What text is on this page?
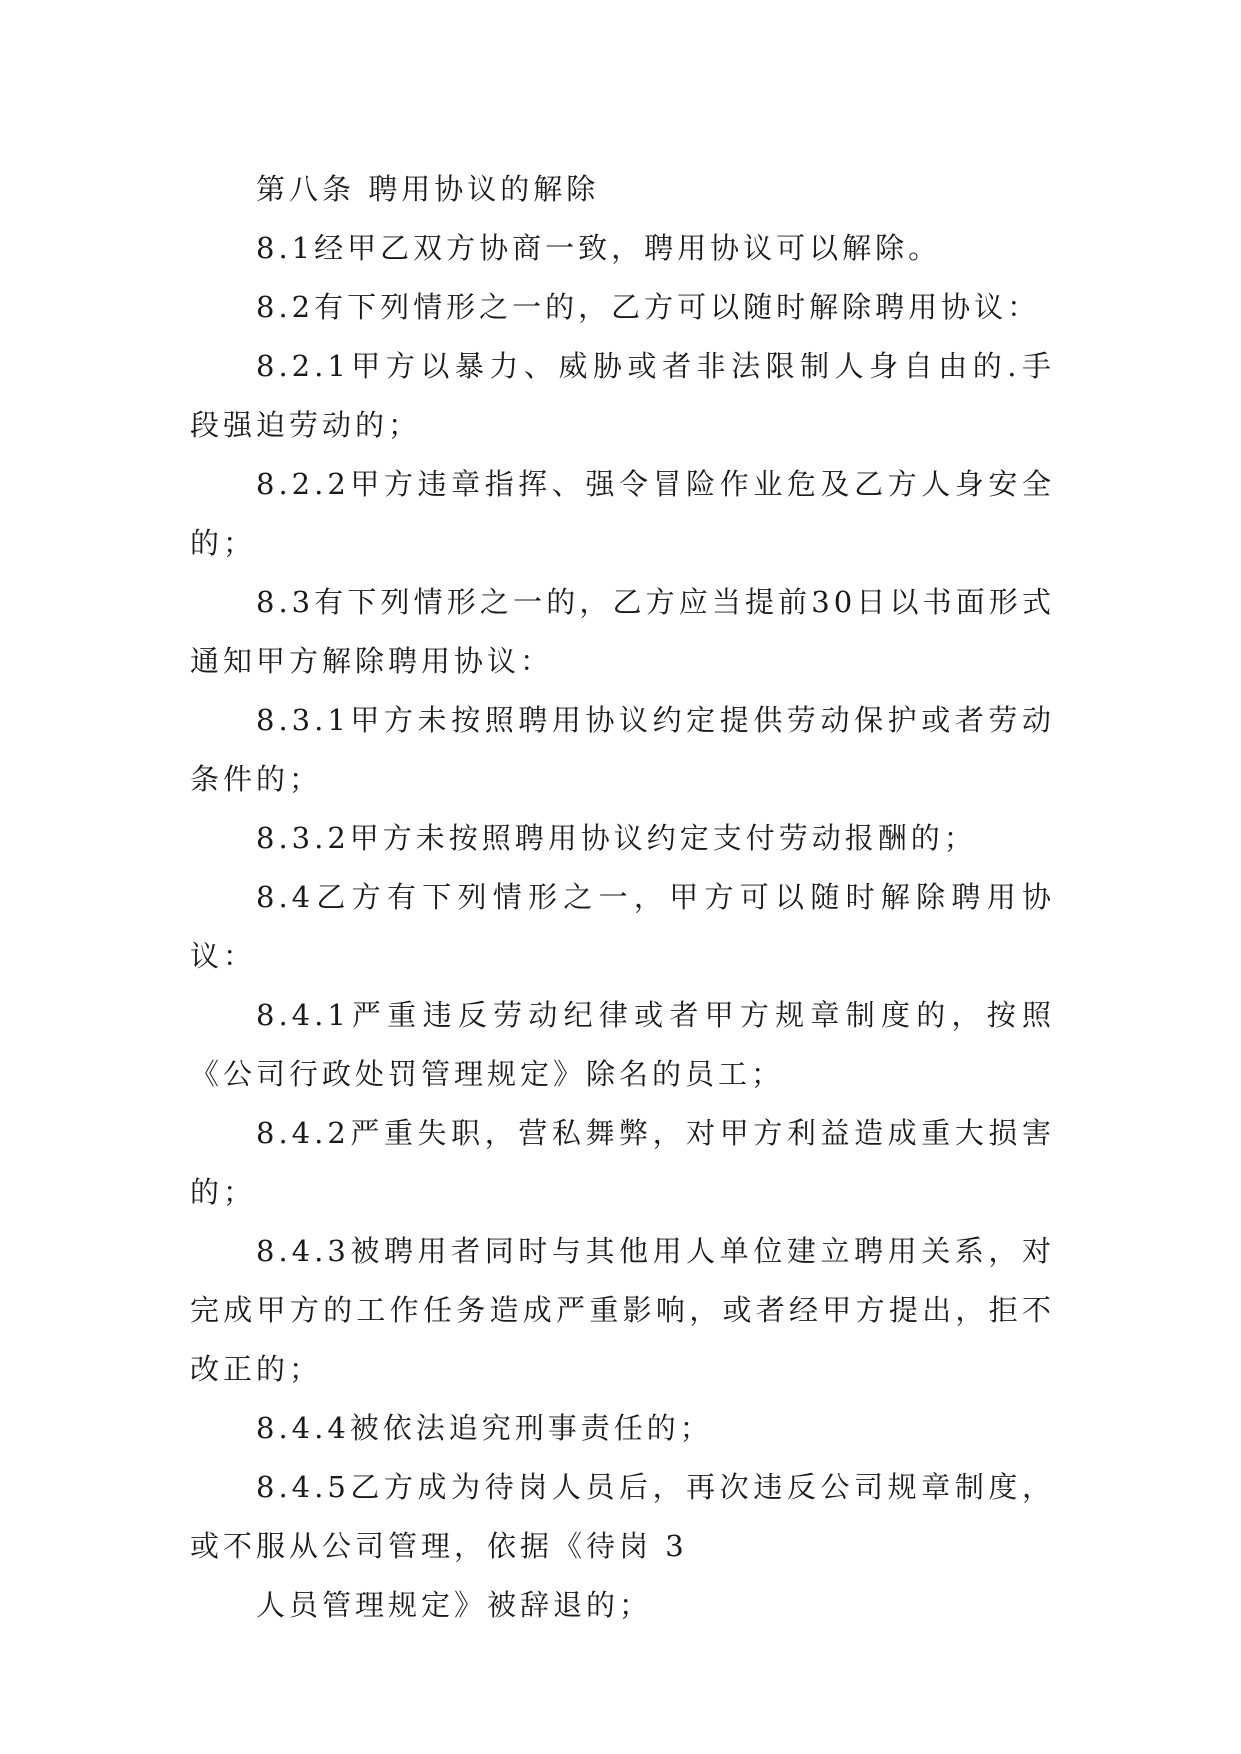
第八条 聘用协议的解除

8.1经甲乙双方协商一致，聘用协议可以解除。

8.2有下列情形之一的，乙方可以随时解除聘用协议：

8.2.1甲方以暴力、威胁或者非法限制人身自由的.手段强迫劳动的；

8.2.2甲方违章指挥、强令冒险作业危及乙方人身安全的；

8.3有下列情形之一的，乙方应当提前30日以书面形式通知甲方解除聘用协议：

8.3.1甲方未按照聘用协议约定提供劳动保护或者劳动条件的；

8.3.2甲方未按照聘用协议约定支付劳动报酬的；

8.4乙方有下列情形之一，甲方可以随时解除聘用协议：

8.4.1严重违反劳动纪律或者甲方规章制度的，按照《公司行政处罚管理规定》除名的员工；

8.4.2严重失职，营私舞弊，对甲方利益造成重大损害的；

8.4.3被聘用者同时与其他用人单位建立聘用关系，对完成甲方的工作任务造成严重影响，或者经甲方提出，拒不改正的；

8.4.4被依法追究刑事责任的；

8.4.5乙方成为待岗人员后，再次违反公司规章制度，或不服从公司管理，依据《待岗 3

人员管理规定》被辞退的；
